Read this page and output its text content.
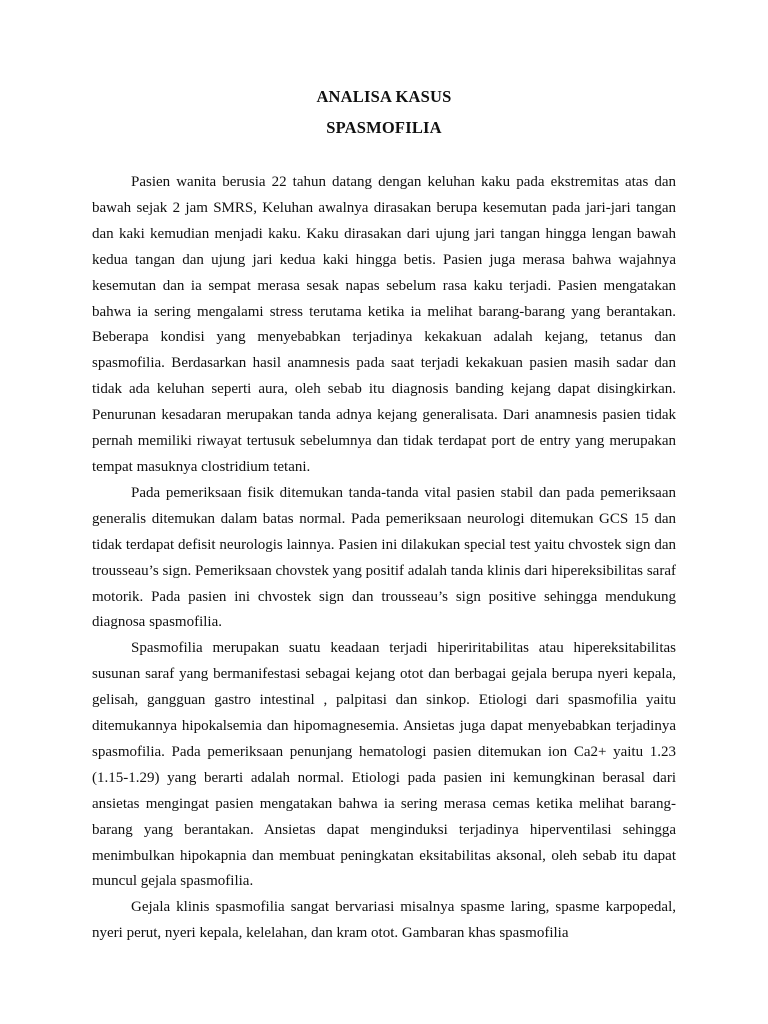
ANALISA KASUS
SPASMOFILIA

Pasien wanita berusia 22 tahun datang dengan keluhan kaku pada ekstremitas atas dan bawah sejak 2 jam SMRS, Keluhan awalnya dirasakan berupa kesemutan pada jari-jari tangan dan kaki kemudian menjadi kaku. Kaku dirasakan dari ujung jari tangan hingga lengan bawah kedua tangan dan ujung jari kedua kaki hingga betis. Pasien juga merasa bahwa wajahnya kesemutan dan ia sempat merasa sesak napas sebelum rasa kaku terjadi. Pasien mengatakan bahwa ia sering mengalami stress terutama ketika ia melihat barang-barang yang berantakan. Beberapa kondisi yang menyebabkan terjadinya kekakuan adalah kejang, tetanus dan spasmofilia. Berdasarkan hasil anamnesis pada saat terjadi kekakuan pasien masih sadar dan tidak ada keluhan seperti aura, oleh sebab itu diagnosis banding kejang dapat disingkirkan. Penurunan kesadaran merupakan tanda adnya kejang generalisata. Dari anamnesis pasien tidak pernah memiliki riwayat tertusuk sebelumnya dan tidak terdapat port de entry yang merupakan tempat masuknya clostridium tetani.

Pada pemeriksaan fisik ditemukan tanda-tanda vital pasien stabil dan pada pemeriksaan generalis ditemukan dalam batas normal. Pada pemeriksaan neurologi ditemukan GCS 15 dan tidak terdapat defisit neurologis lainnya. Pasien ini dilakukan special test yaitu chvostek sign dan trousseau’s sign. Pemeriksaan chovstek yang positif adalah tanda klinis dari hipereksibilitas saraf motorik. Pada pasien ini chvostek sign dan trousseau’s sign positive sehingga mendukung diagnosa spasmofilia.

Spasmofilia merupakan suatu keadaan terjadi hiperiritabilitas atau hipereksitabilitas susunan saraf yang bermanifestasi sebagai kejang otot dan berbagai gejala berupa nyeri kepala, gelisah, gangguan gastro intestinal , palpitasi dan sinkop. Etiologi dari spasmofilia yaitu ditemukannya hipokalsemia dan hipomagnesemia. Ansietas juga dapat menyebabkan terjadinya spasmofilia. Pada pemeriksaan penunjang hematologi pasien ditemukan ion Ca2+ yaitu 1.23 (1.15-1.29) yang berarti adalah normal. Etiologi pada pasien ini kemungkinan berasal dari ansietas mengingat pasien mengatakan bahwa ia sering merasa cemas ketika melihat barang-barang yang berantakan. Ansietas dapat menginduksi terjadinya hiperventilasi sehingga menimbulkan hipokapnia dan membuat peningkatan eksitabilitas aksonal, oleh sebab itu dapat muncul gejala spasmofilia.

Gejala klinis spasmofilia sangat bervariasi misalnya spasme laring, spasme karpopedal, nyeri perut, nyeri kepala, kelelahan, dan kram otot. Gambaran khas spasmofilia
